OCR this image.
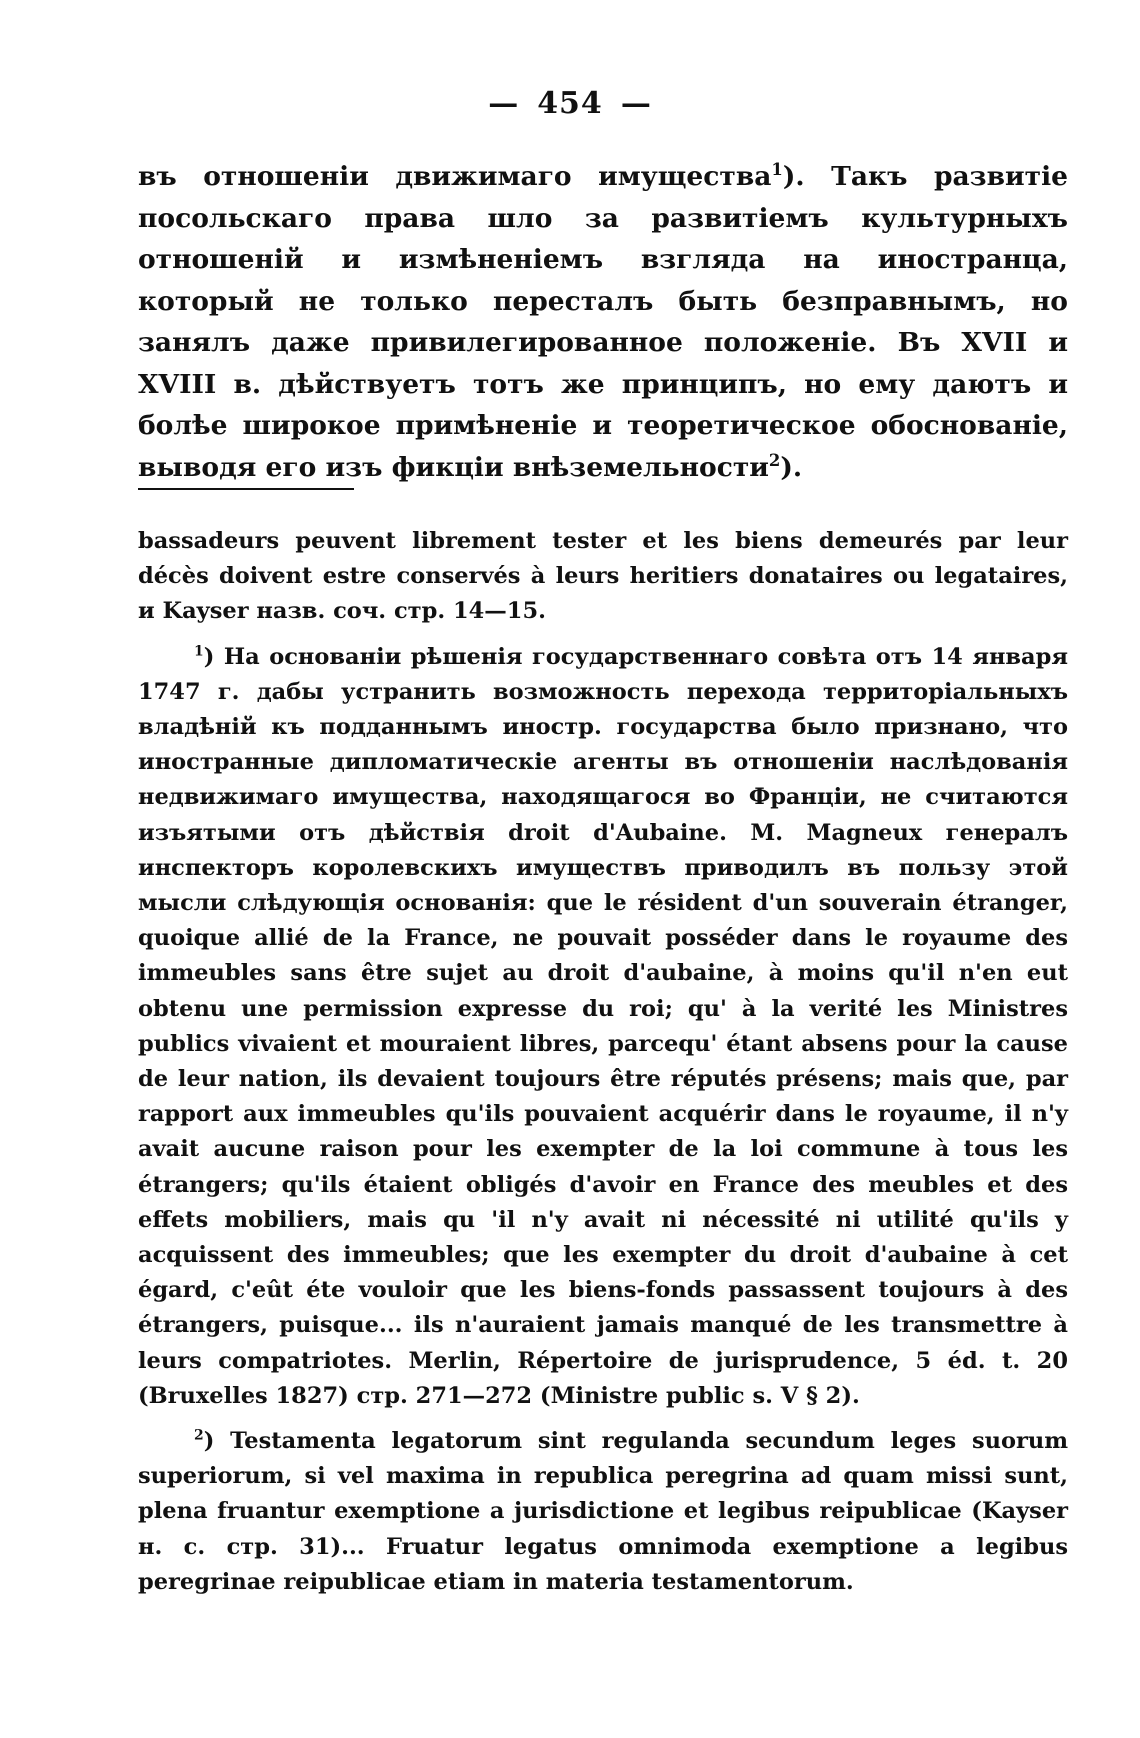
— 454 —

въ отношеніи движимаго имущества$^1$). Такъ развитіе посольскаго права шло за развитіемъ культурныхъ отношеній и измѣненіемъ взгляда на иностранца, который не только пересталъ быть безправнымъ, но занялъ даже привилегированное положеніе. Въ XVII и XVIII в. дѣйствуетъ тотъ же принципъ, но ему даютъ и болѣе широкое примѣненіе и теоретическое обоснованіе, выводя его изъ фикціи внѣземельности$^2$).

bassadeurs peuvent librement tester et les biens demeurés par leur décès doivent estre conservés à leurs heritiers donataires ou legataires, и Kayser назв. соч. стр. 14—15.

$^1$) На основаніи рѣшенія государственнаго совѣта отъ 14 января 1747 г. дабы устранить возможность перехода территоріальныхъ владѣній къ подданнымъ иностр. государства было признано, что иностранные дипломатическіе агенты въ отношеніи наслѣдованія недвижимаго имущества, находящагося во Франціи, не считаются изъятыми отъ дѣйствія droit d'Aubaine. M. Magneux генералъ инспекторъ королевскихъ имуществъ приводилъ въ пользу этой мысли слѣдующія основанія: que le résident d'un souverain étranger, quoique allié de la France, ne pouvait posséder dans le royaume des immeubles sans être sujet au droit d'aubaine, à moins qu'il n'en eut obtenu une permission expresse du roi; qu' à la verité les Ministres publics vivaient et mouraient libres, parcequ' étant absens pour la cause de leur nation, ils devaient toujours être réputés présens; mais que, par rapport aux immeubles qu'ils pouvaient acquérir dans le royaume, il n'y avait aucune raison pour les exempter de la loi commune à tous les étrangers; qu'ils étaient obligés d'avoir en France des meubles et des effets mobiliers, mais qu 'il n'y avait ni nécessité ni utilité qu'ils y acquissent des immeubles; que les exempter du droit d'aubaine à cet égard, c'eût éte vouloir que les biens-fonds passassent toujours à des étrangers, puisque... ils n'auraient jamais manqué de les transmettre à leurs compatriotes. Merlin, Répertoire de jurisprudence, 5 éd. t. 20 (Bruxelles 1827) стр. 271—272 (Ministre public s. V § 2).

$^2$) Testamenta legatorum sint regulanda secundum leges suorum superiorum, si vel maxima in republica peregrina ad quam missi sunt, plena fruantur exemptione a jurisdictione et legibus reipublicae (Kayser н. с. стр. 31)... Fruatur legatus omnimoda exemptione a legibus peregrinae reipublicae etiam in materia testamentorum.
